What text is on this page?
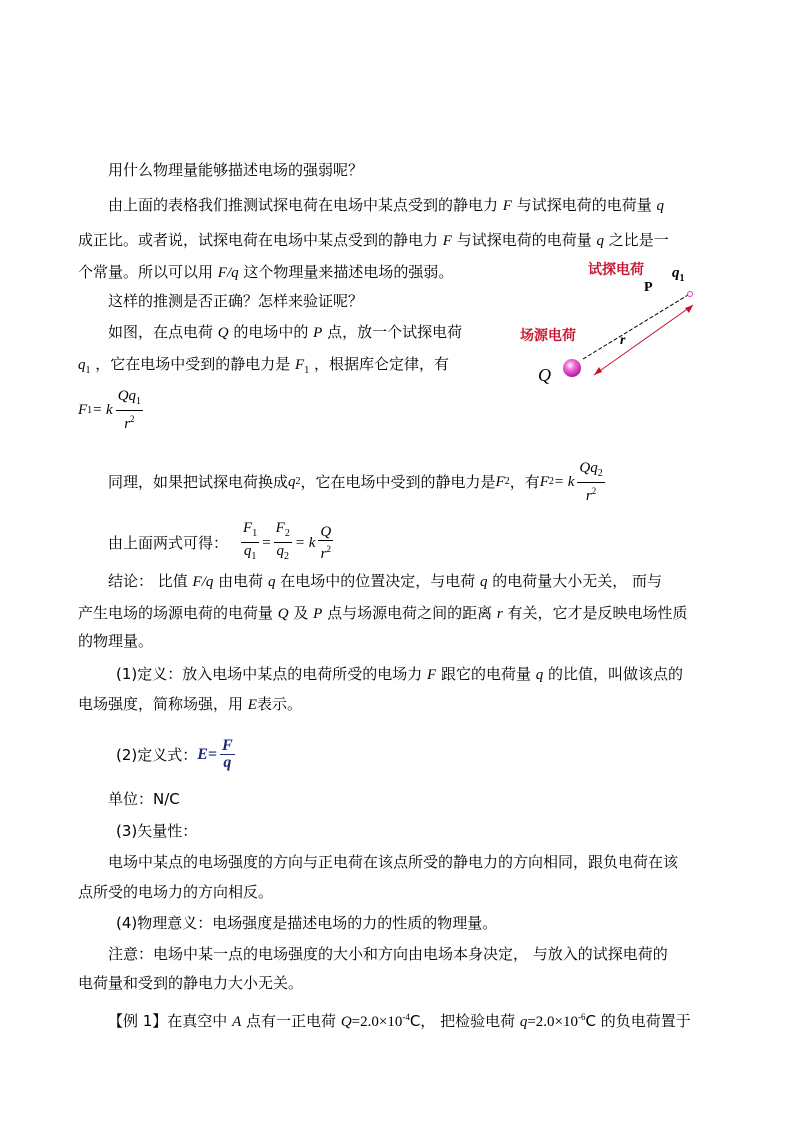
用什么物理量能够描述电场的强弱呢？
由上面的表格我们推测试探电荷在电场中某点受到的静电力 F 与试探电荷的电荷量 q
成正比。或者说，试探电荷在电场中某点受到的静电力 F 与试探电荷的电荷量 q 之比是一
个常量。所以可以用 F/q 这个物理量来描述电场的强弱。
这样的推测是否正确？怎样来验证呢？
如图，在点电荷 Q 的电场中的 P 点，放一个试探电荷
$q_1$ ，它在电场中受到的静电力是 $F_1$ ，根据库仑定律，有
F 1 = k $\frac{Qq_1}{r^2}$
同理，如果把试探电荷换成 q 2 ，它在电场中受到的静电力是 F 2 ，有 F 2 = k $\frac{Qq_2}{r^2}$
由上面两式可得： $\frac{F_1}{q_1} = \frac{F_2}{q_2} = k \frac{Q}{r^2}$
结论： 比值 F/q 由电荷 q 在电场中的位置决定，与电荷 q 的电荷量大小无关， 而与
产生电场的场源电荷的电荷量 Q 及 P 点与场源电荷之间的距离 r 有关，它才是反映电场性质
的物理量。
(1)定义：放入电场中某点的电荷所受的电场力 F 跟它的电荷量 q 的比值，叫做该点的
电场强度，简称场强，用 E表示。
(2)定义式： $E = \frac{F}{q}$
单位：N/C
(3)矢量性：
电场中某点的电场强度的方向与正电荷在该点所受的静电力的方向相同，跟负电荷在该
点所受的电场力的方向相反。
(4)物理意义：电场强度是描述电场的力的性质的物理量。
注意：电场中某一点的电场强度的大小和方向由电场本身决定， 与放入的试探电荷的
电荷量和受到的静电力大小无关。
【例 1】在真空中 A 点有一正电荷 $Q=2.0\times 10^{-4}C$， 把检验电荷 $q=2.0\times 10^{-6}C$ 的负电荷置于
试探电荷 $q_1$
P
场源电荷	r
Q
